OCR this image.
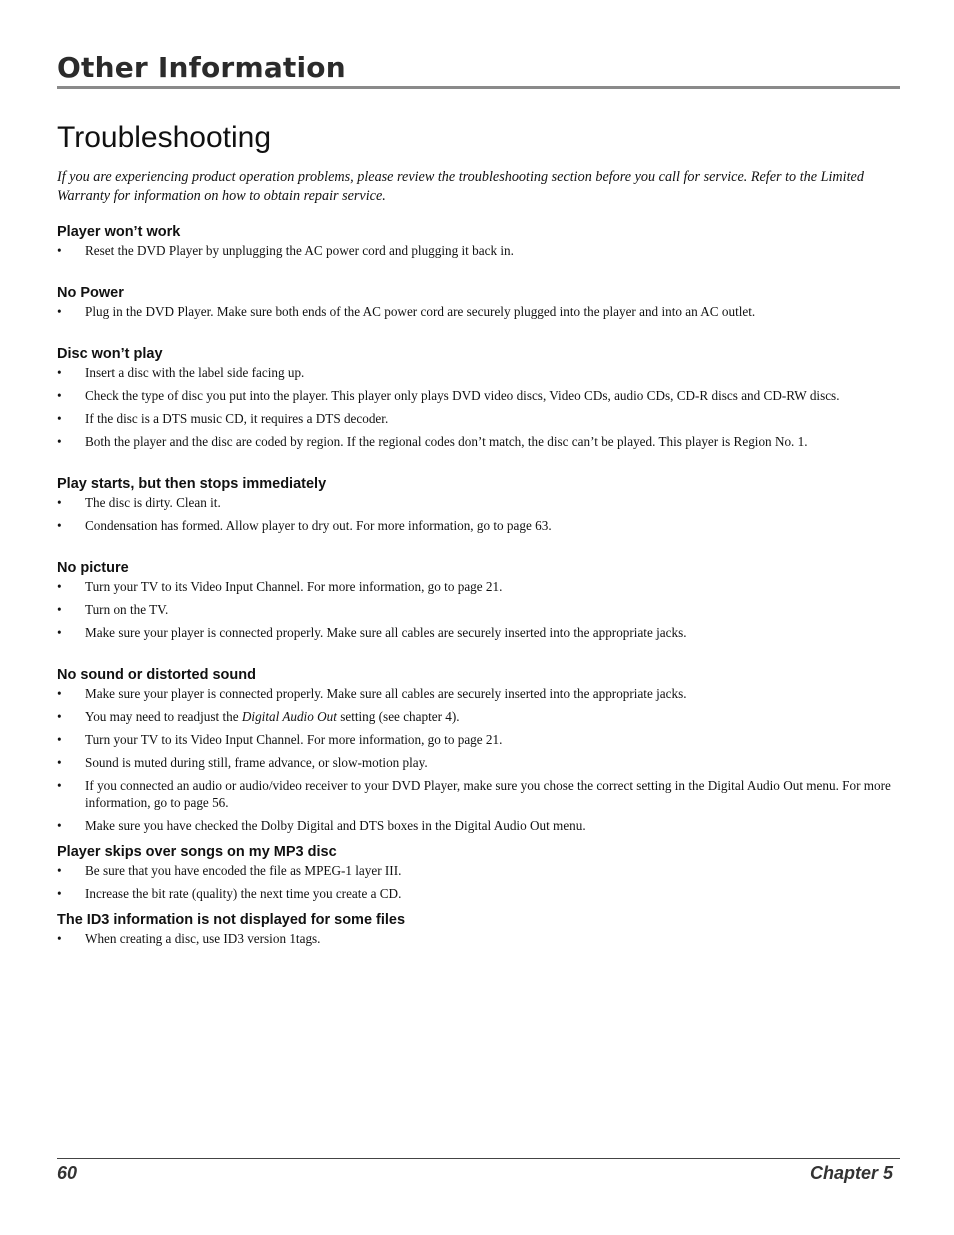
Other Information
Troubleshooting

If you are experiencing product operation problems, please review the troubleshooting section before you call for service. Refer to the Limited Warranty for information on how to obtain repair service.

Player won’t work
• Reset the DVD Player by unplugging the AC power cord and plugging it back in.
No Power
• Plug in the DVD Player. Make sure both ends of the AC power cord are securely plugged into the player and into an AC outlet.
Disc won’t play
• Insert a disc with the label side facing up.
• Check the type of disc you put into the player. This player only plays DVD video discs, Video CDs, audio CDs, CD-R discs and CD-RW discs.
• If the disc is a DTS music CD, it requires a DTS decoder.
• Both the player and the disc are coded by region. If the regional codes don’t match, the disc can’t be played. This player is Region No. 1.
Play starts, but then stops immediately
• The disc is dirty. Clean it.
• Condensation has formed. Allow player to dry out. For more information, go to page 63.
No picture
• Turn your TV to its Video Input Channel. For more information, go to page 21.
• Turn on the TV.
• Make sure your player is connected properly. Make sure all cables are securely inserted into the appropriate jacks.
No sound or distorted sound
• Make sure your player is connected properly. Make sure all cables are securely inserted into the appropriate jacks.
• You may need to readjust the Digital Audio Out setting (see chapter 4).
• Turn your TV to its Video Input Channel. For more information, go to page 21.
• Sound is muted during still, frame advance, or slow-motion play.
• If you connected an audio or audio/video receiver to your DVD Player, make sure you chose the correct setting in the Digital Audio Out menu. For more information, go to page 56.
• Make sure you have checked the Dolby Digital and DTS boxes in the Digital Audio Out menu.
Player skips over songs on my MP3 disc
• Be sure that you have encoded the file as MPEG-1 layer III.
• Increase the bit rate (quality) the next time you create a CD.
The ID3 information is not displayed for some files
• When creating a disc, use ID3 version 1tags.
60	Chapter 5
